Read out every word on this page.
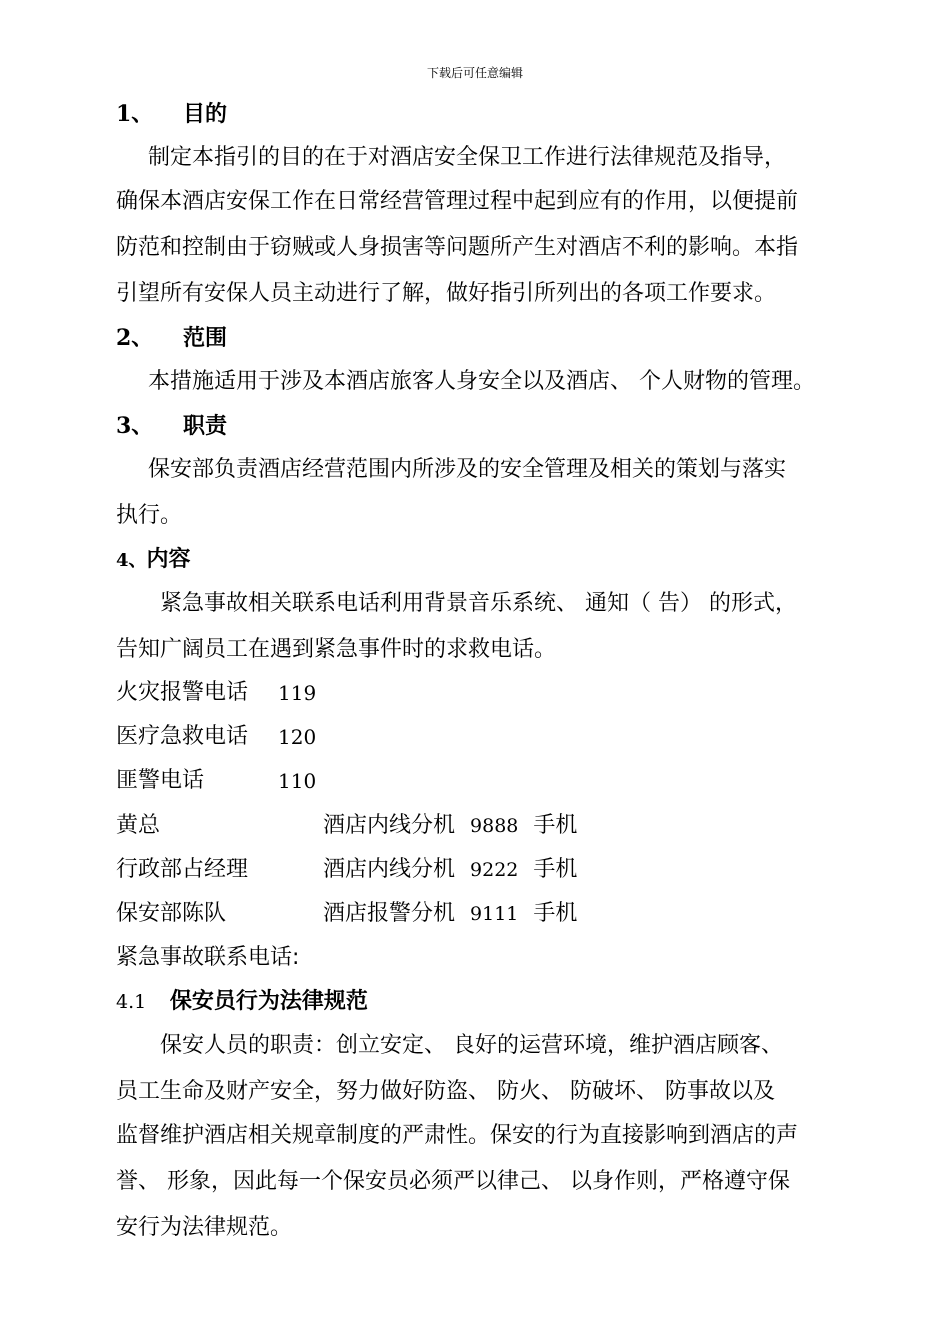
下载后可任意编辑
1、 目的
制定本指引的目的在于对酒店安全保卫工作进行法律规范及指导，
确保本酒店安保工作在日常经营管理过程中起到应有的作用，以便提前
防范和控制由于窃贼或人身损害等问题所产生对酒店不利的影响。本指
引望所有安保人员主动进行了解，做好指引所列出的各项工作要求。
2、 范围
本措施适用于涉及本酒店旅客人身安全以及酒店、 个人财物的管理。
3、 职责
保安部负责酒店经营范围内所涉及的安全管理及相关的策划与落实
执行。
4、内容
紧急事故相关联系电话利用背景音乐系统、 通知（ 告） 的形式，
告知广阔员工在遇到紧急事件时的求救电话。
火灾报警电话 119
医疗急救电话 120
匪警电话	110
黄总	酒店内线分机 9888 手机
行政部占经理	酒店内线分机 9222 手机
保安部陈队	酒店报警分机 9111 手机
紧急事故联系电话:
4.1 保安员行为法律规范
保安人员的职责：创立安定、 良好的运营环境，维护酒店顾客、
员工生命及财产安全，努力做好防盗、 防火、 防破坏、 防事故以及
监督维护酒店相关规章制度的严肃性。保安的行为直接影响到酒店的声
誉、 形象，因此每一个保安员必须严以律己、 以身作则，严格遵守保
安行为法律规范。
